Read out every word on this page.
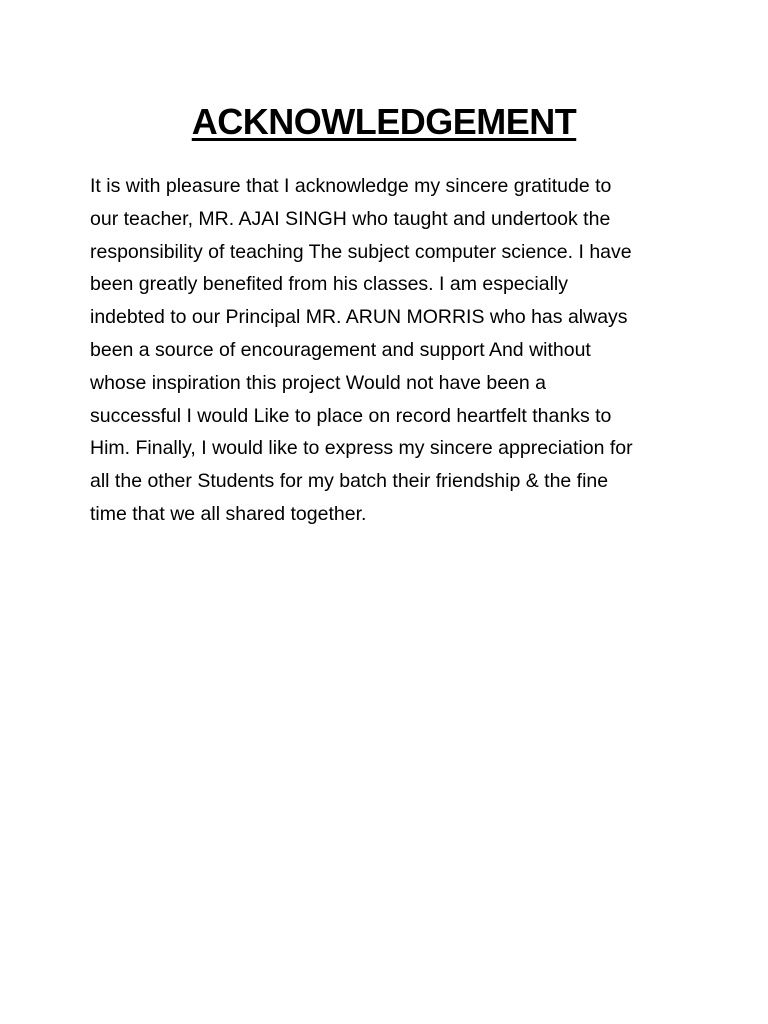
ACKNOWLEDGEMENT
It is with pleasure that I acknowledge my sincere gratitude to
our teacher, MR. AJAI SINGH who taught and undertook the
responsibility of teaching The subject computer science. I have
been greatly benefited from his classes. I am especially
indebted to our Principal MR. ARUN MORRIS who has always
been a source of encouragement and support And without
whose inspiration this project Would not have been a
successful I would Like to place on record heartfelt thanks to
Him. Finally, I would like to express my sincere appreciation for
all the other Students for my batch their friendship & the fine
time that we all shared together.
